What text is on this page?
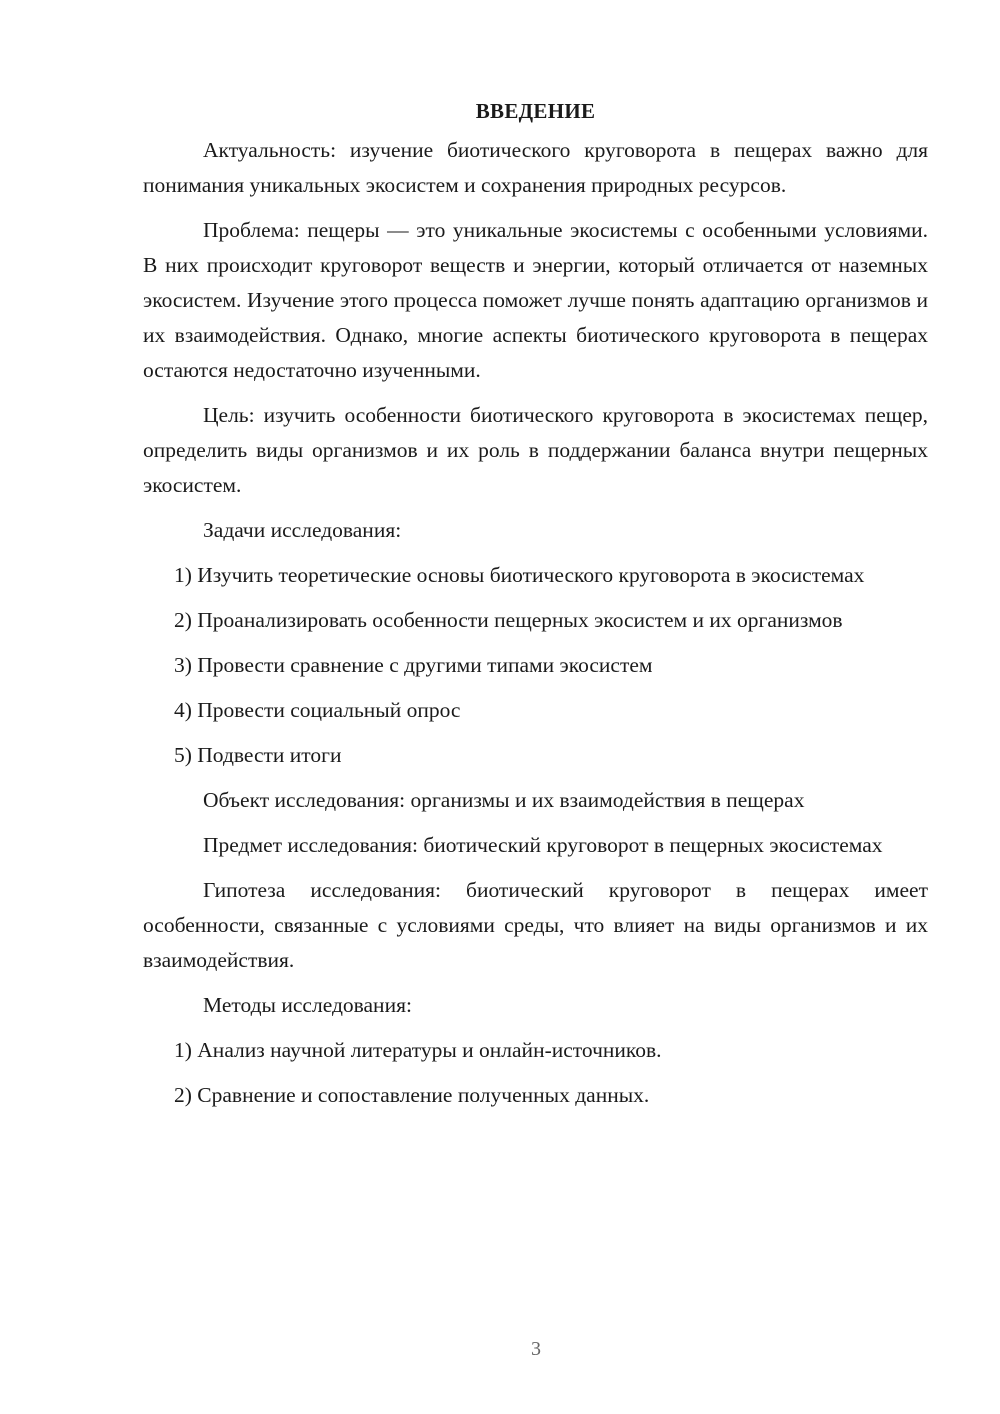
ВВЕДЕНИЕ

Актуальность: изучение биотического круговорота в пещерах важно для понимания уникальных экосистем и сохранения природных ресурсов.

Проблема: пещеры — это уникальные экосистемы с особенными условиями. В них происходит круговорот веществ и энергии, который отличается от наземных экосистем. Изучение этого процесса поможет лучше понять адаптацию организмов и их взаимодействия. Однако, многие аспекты биотического круговорота в пещерах остаются недостаточно изученными.

Цель: изучить особенности биотического круговорота в экосистемах пещер, определить виды организмов и их роль в поддержании баланса внутри пещерных экосистем.

Задачи исследования:

1) Изучить теоретические основы биотического круговорота в экосистемах

2) Проанализировать особенности пещерных экосистем и их организмов

3) Провести сравнение с другими типами экосистем

4) Провести социальный опрос

5) Подвести итоги

Объект исследования: организмы и их взаимодействия в пещерах

Предмет исследования: биотический круговорот в пещерных экосистемах

Гипотеза исследования: биотический круговорот в пещерах имеет особенности, связанные с условиями среды, что влияет на виды организмов и их взаимодействия.

Методы исследования:

1) Анализ научной литературы и онлайн-источников.

2) Сравнение и сопоставление полученных данных.

3
